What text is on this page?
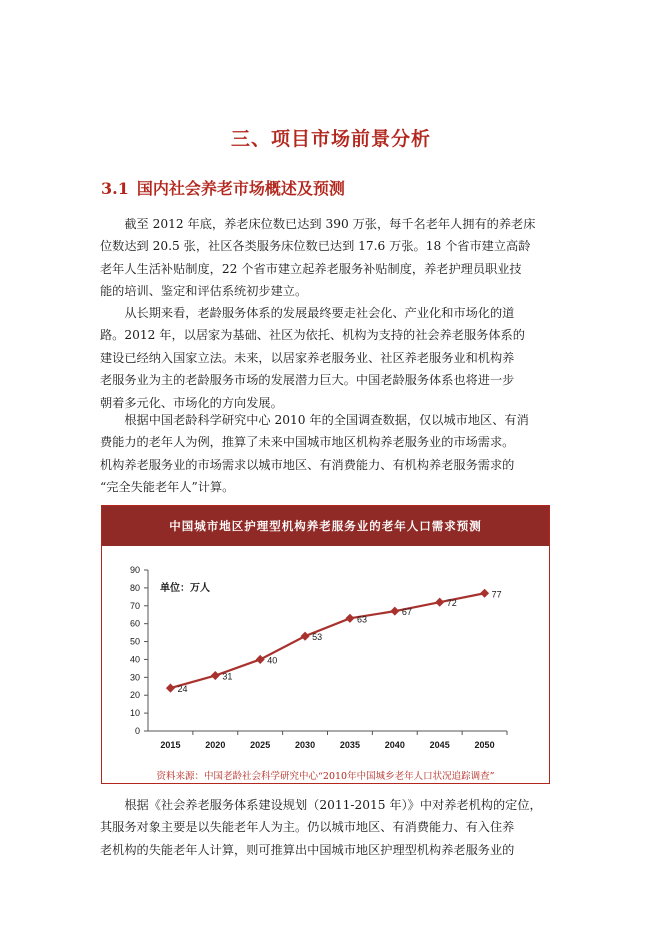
三、项目市场前景分析
3.1 国内社会养老市场概述及预测

　　截至 2012 年底，养老床位数已达到 390 万张，每千名老年人拥有的养老床
位数达到 20.5 张，社区各类服务床位数已达到 17.6 万张。18 个省市建立高龄
老年人生活补贴制度，22 个省市建立起养老服务补贴制度，养老护理员职业技
能的培训、鉴定和评估系统初步建立。

　　从长期来看，老龄服务体系的发展最终要走社会化、产业化和市场化的道
路。2012 年，以居家为基础、社区为依托、机构为支持的社会养老服务体系的
建设已经纳入国家立法。未来，以居家养老服务业、社区养老服务业和机构养
老服务业为主的老龄服务市场的发展潜力巨大。中国老龄服务体系也将进一步
朝着多元化、市场化的方向发展。

　　根据中国老龄科学研究中心 2010 年的全国调查数据，仅以城市地区、有消
费能力的老年人为例，推算了未来中国城市地区机构养老服务业的市场需求。
机构养老服务业的市场需求以城市地区、有消费能力、有机构养老服务需求的
“完全失能老年人”计算。

中国城市地区护理型机构养老服务业的老年人口需求预测
0
10
20
30
40
50
60
70
80
90
2015	2020	2025	2030	2035	2040	2045	2050
单位：万人
24
31
40
53
63
67
72
77
资料来源：中国老龄社会科学研究中心“2010年中国城乡老年人口状况追踪调查”

　　根据《社会养老服务体系建设规划（2011-2015 年）》中对养老机构的定位，
其服务对象主要是以失能老年人为主。仍以城市地区、有消费能力、有入住养
老机构的失能老年人计算，则可推算出中国城市地区护理型机构养老服务业的
